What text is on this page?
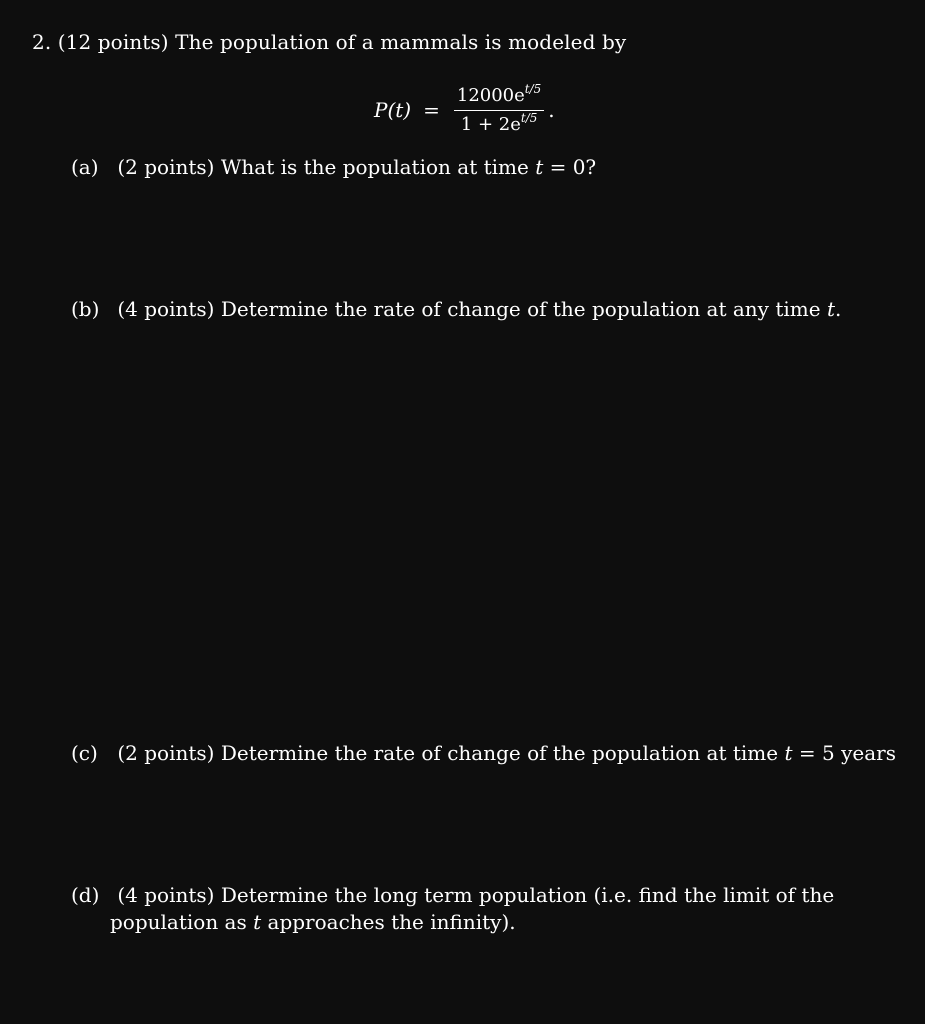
2. (12 points) The population of a mammals is modeled by
$P(t) = \frac{12000e^{t/5}}{1 + 2e^{t/5}}$ .
(a) (2 points) What is the population at time t = 0?
(b) (4 points) Determine the rate of change of the population at any time t.
(c) (2 points) Determine the rate of change of the population at time t = 5 years
(d) (4 points) Determine the long term population (i.e. find the limit of the
population as t approaches the infinity).
